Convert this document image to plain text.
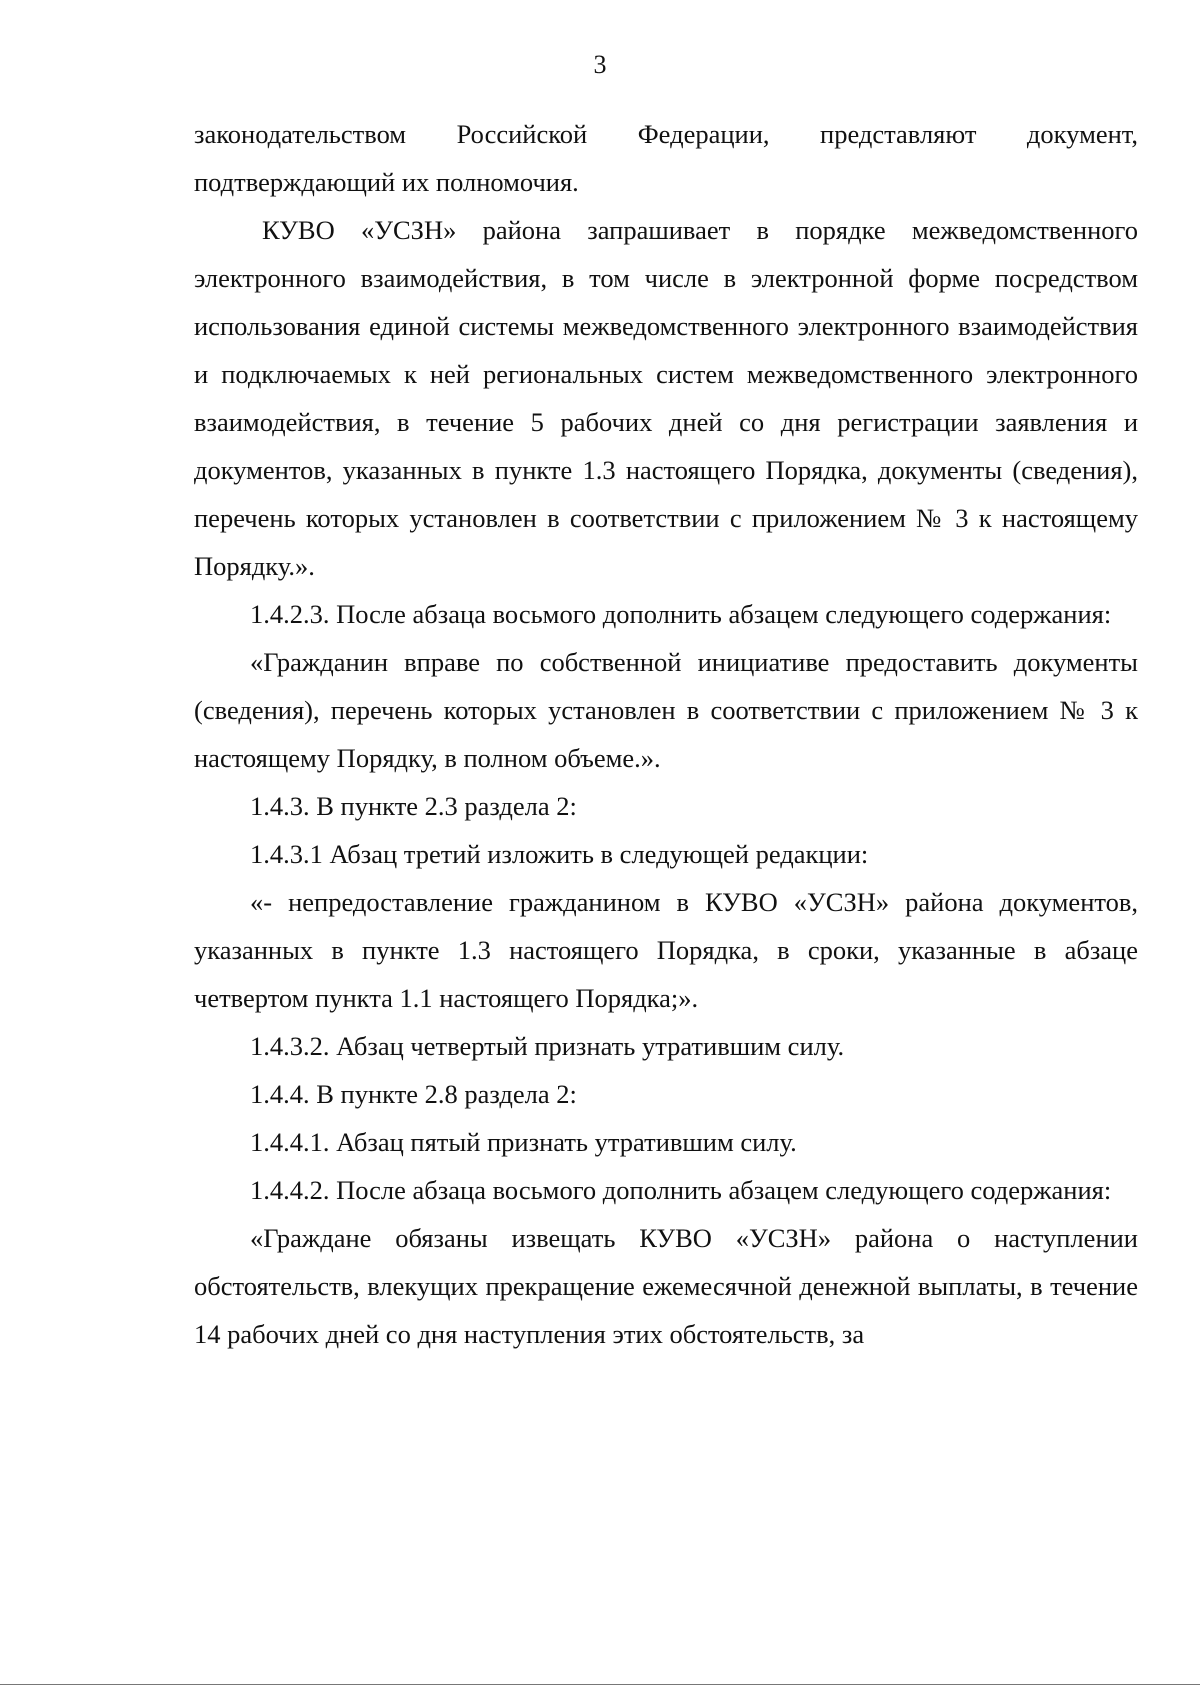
3

законодательством Российской Федерации, представляют документ, подтверждающий их полномочия.

КУВО «УСЗН» района запрашивает в порядке межведомственного электронного взаимодействия, в том числе в электронной форме посредством использования единой системы межведомственного электронного взаимодействия и подключаемых к ней региональных систем межведомственного электронного взаимодействия, в течение 5 рабочих дней со дня регистрации заявления и документов, указанных в пункте 1.3 настоящего Порядка, документы (сведения), перечень которых установлен в соответствии с приложением № 3 к настоящему Порядку.».

1.4.2.3. После абзаца восьмого дополнить абзацем следующего содержания:

«Гражданин вправе по собственной инициативе предоставить документы (сведения), перечень которых установлен в соответствии с приложением № 3 к настоящему Порядку, в полном объеме.».

1.4.3. В пункте 2.3 раздела 2:

1.4.3.1 Абзац третий изложить в следующей редакции:

«- непредоставление гражданином в КУВО «УСЗН» района документов, указанных в пункте 1.3 настоящего Порядка, в сроки, указанные в абзаце четвертом пункта 1.1 настоящего Порядка;».

1.4.3.2. Абзац четвертый признать утратившим силу.

1.4.4. В пункте 2.8 раздела 2:

1.4.4.1. Абзац пятый признать утратившим силу.

1.4.4.2. После абзаца восьмого дополнить абзацем следующего содержания:

«Граждане обязаны извещать КУВО «УСЗН» района о наступлении обстоятельств, влекущих прекращение ежемесячной денежной выплаты, в течение 14 рабочих дней со дня наступления этих обстоятельств, за
